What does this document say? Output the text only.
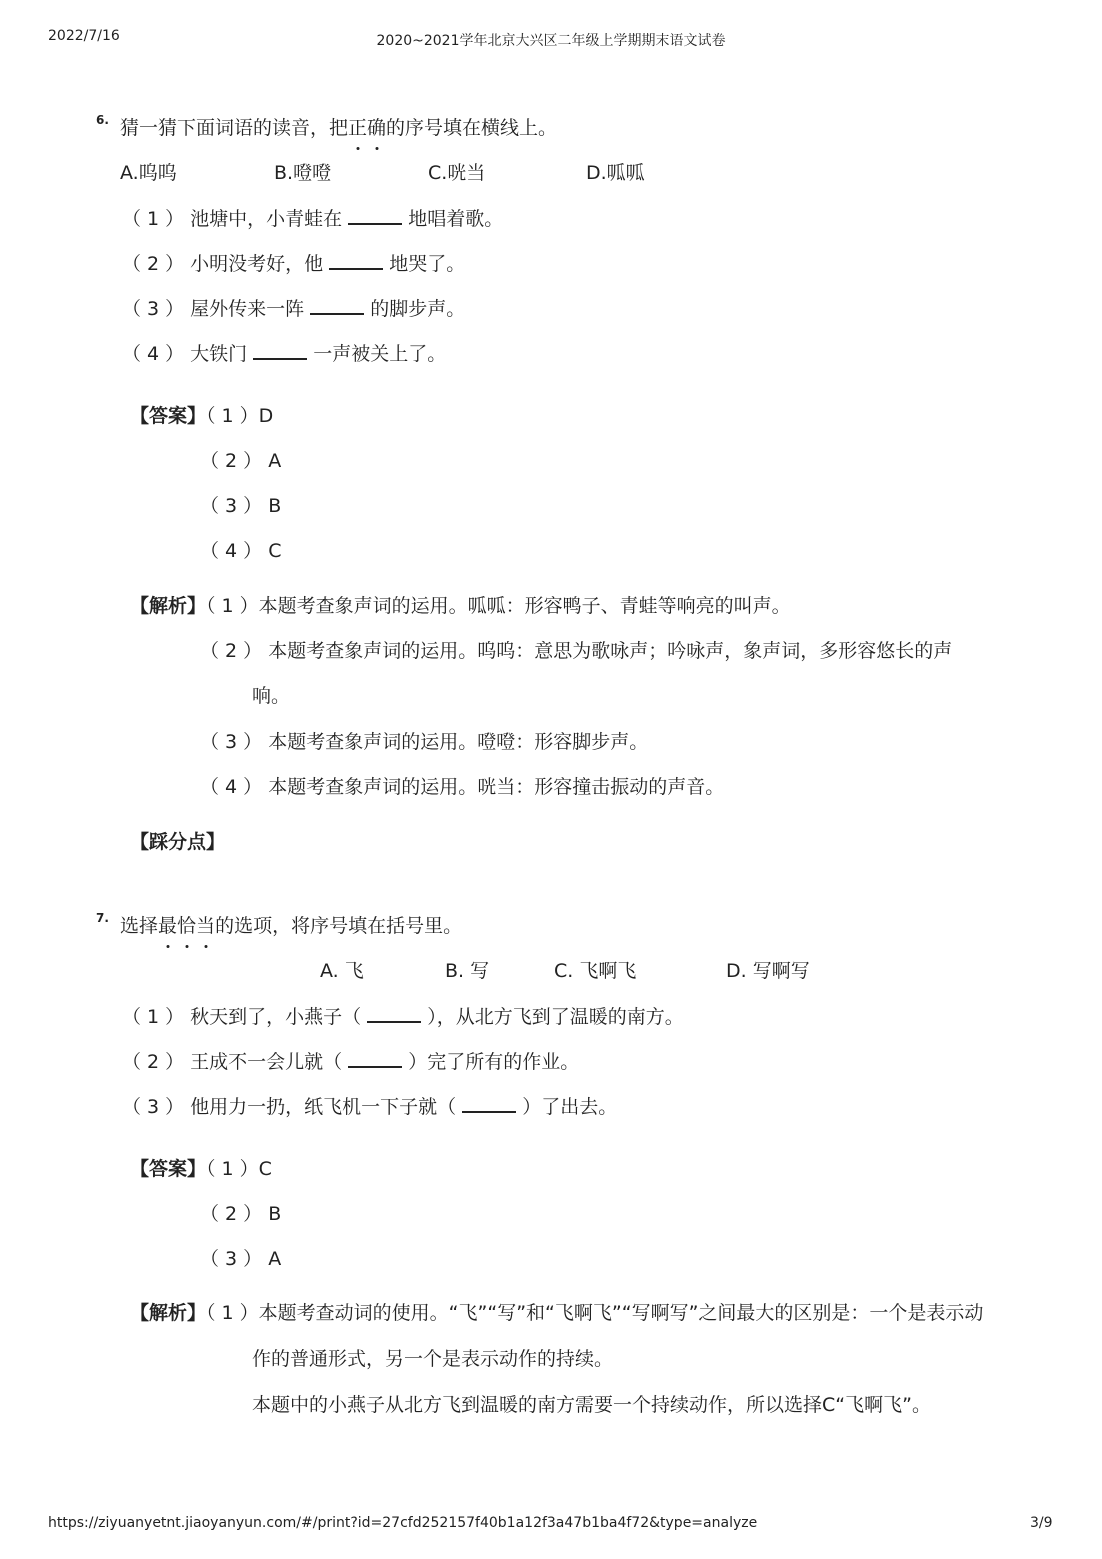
2022/7/16	2020~2021学年北京大兴区二年级上学期期末语文试卷
6. 猜一猜下面词语的读音，把正确的序号填在横线上。
A.呜呜	B.噔噔	C.咣当	D.呱呱
（ 1 ） 池塘中，小青蛙在	地唱着歌。
（ 2 ） 小明没考好，他	地哭了。
（ 3 ） 屋外传来一阵	的脚步声。
（ 4 ） 大铁门	一声被关上了。
【答案】（ 1 ）D
（ 2 ） A
（ 3 ） B
（ 4 ） C
【解析】（ 1 ）本题考查象声词的运用。呱呱：形容鸭子、青蛙等响亮的叫声。
（ 2 ） 本题考查象声词的运用。呜呜：意思为歌咏声；吟咏声，象声词，多形容悠长的声
响。
（ 3 ） 本题考查象声词的运用。噔噔：形容脚步声。
（ 4 ） 本题考查象声词的运用。咣当：形容撞击振动的声音。
【踩分点】
7. 选择最恰当的选项，将序号填在括号里。
A. 飞	B. 写	C. 飞啊飞	D. 写啊写
（ 1 ） 秋天到了，小燕子（	），从北方飞到了温暖的南方。
（ 2 ） 王成不一会儿就（	）完了所有的作业。
（ 3 ） 他用力一扔，纸飞机一下子就（	）了出去。
【答案】（ 1 ）C
（ 2 ） B
（ 3 ） A
【解析】（ 1 ）本题考查动词的使用。“飞”“写”和“飞啊飞”“写啊写”之间最大的区别是：一个是表示动
作的普通形式，另一个是表示动作的持续。
本题中的小燕子从北方飞到温暖的南方需要一个持续动作，所以选择C“飞啊飞”。
https://ziyuanyetnt.jiaoyanyun.com/#/print?id=27cfd252157f40b1a12f3a47b1ba4f72&type=analyze	3/9
